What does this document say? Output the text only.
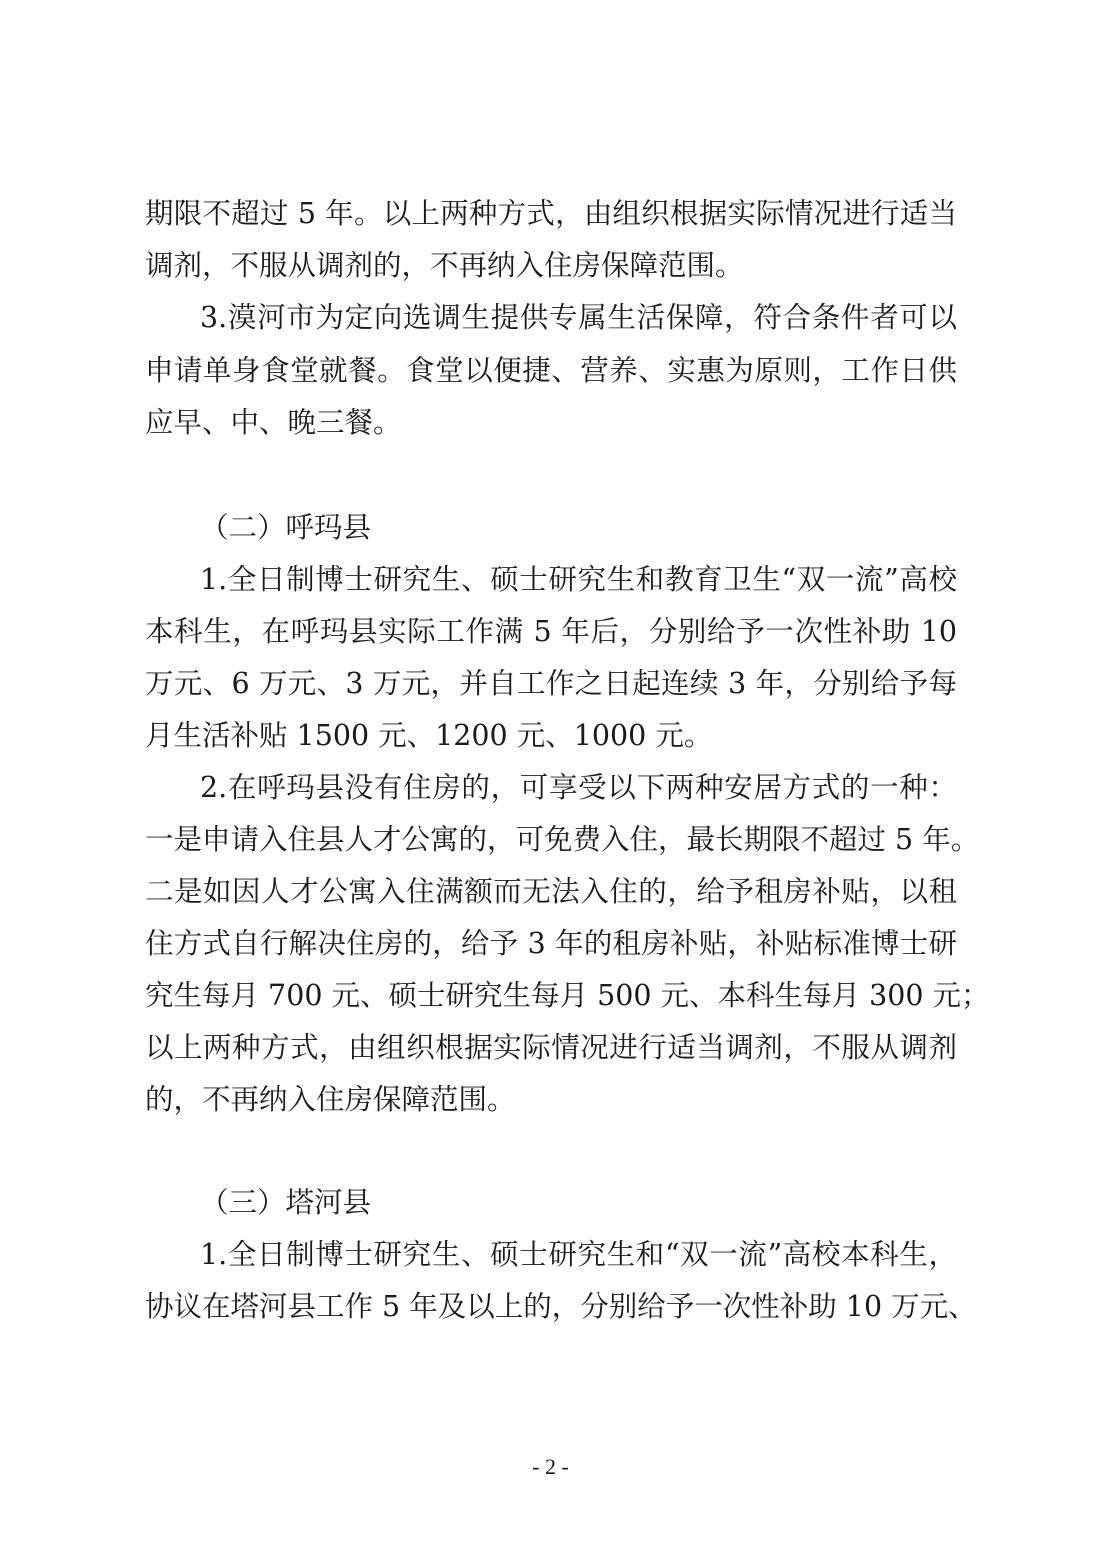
期限不超过 5 年。以上两种方式，由组织根据实际情况进行适当
调剂，不服从调剂的，不再纳入住房保障范围。
3.漠河市为定向选调生提供专属生活保障，符合条件者可以
申请单身食堂就餐。食堂以便捷、营养、实惠为原则，工作日供
应早、中、晚三餐。
（二）呼玛县
1.全日制博士研究生、硕士研究生和教育卫生“双一流”高校
本科生，在呼玛县实际工作满 5 年后，分别给予一次性补助 10
万元、6 万元、3 万元，并自工作之日起连续 3 年，分别给予每
月生活补贴 1500 元、1200 元、1000 元。
2.在呼玛县没有住房的，可享受以下两种安居方式的一种：
一是申请入住县人才公寓的，可免费入住，最长期限不超过 5 年。
二是如因人才公寓入住满额而无法入住的，给予租房补贴，以租
住方式自行解决住房的，给予 3 年的租房补贴，补贴标准博士研
究生每月 700 元、硕士研究生每月 500 元、本科生每月 300 元；
以上两种方式，由组织根据实际情况进行适当调剂，不服从调剂
的，不再纳入住房保障范围。
（三）塔河县
1.全日制博士研究生、硕士研究生和“双一流”高校本科生，
协议在塔河县工作 5 年及以上的，分别给予一次性补助 10 万元、
- 2 -
